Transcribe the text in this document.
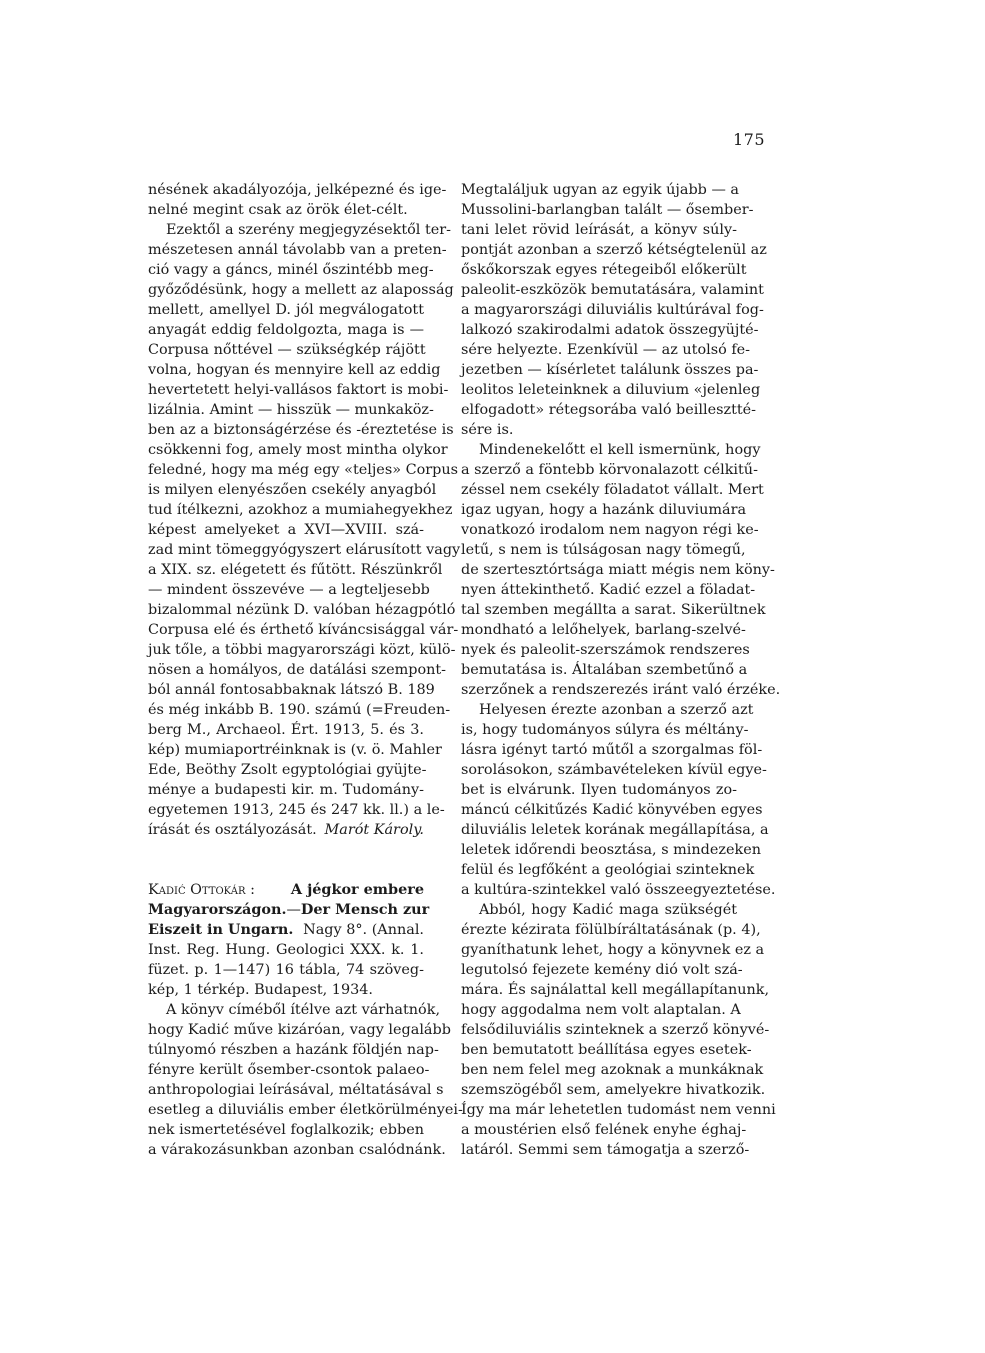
175
nésének akadályozója, jelképezné és ige-
nelné megint csak az örök élet-célt.
Ezektől a szerény megjegyzésektől ter-
mészetesen annál távolabb van a preten-
ció vagy a gáncs, minél őszintébb meg-
győződésünk, hogy a mellett az alaposság
mellett, amellyel D. jól megválogatott
anyagát eddig feldolgozta, maga is —
Corpusa nőttével — szükségkép rájött
volna, hogyan és mennyire kell az eddig
hevertetett helyi-vallásos faktort is mobi-
lizálnia. Amint — hisszük — munkaköz-
ben az a biztonságérzése és -éreztetése is
csökkenni fog, amely most mintha olykor
feledné, hogy ma még egy «teljes» Corpus
is milyen elenyészően csekély anyagból
tud ítélkezni, azokhoz a mumiahegyekhez
képest amelyeket a XVI—XVIII. szá-
zad mint tömeggyógyszert elárusított vagy
a XIX. sz. elégetett és fűtött. Részünkről
— mindent összevéve — a legteljesebb
bizalommal nézünk D. valóban hézagpótló
Corpusa elé és érthető kíváncsisággal vár-
juk tőle, a többi magyarországi közt, külö-
nösen a homályos, de datálási szempont-
ból annál fontosabbaknak látszó B. 189
és még inkább B. 190. számú (=Freuden-
berg M., Archaeol. Ért. 1913, 5. és 3.
kép) mumiaportréinknak is (v. ö. Mahler
Ede, Beöthy Zsolt egyptológiai gyüjte-
ménye a budapesti kir. m. Tudomány-
egyetemen 1913, 245 és 247 kk. ll.) a le-
írását és osztályozását. Marót Károly.
Kadić Ottokár : A jégkor embere
Magyarországon. — Der Mensch zur
Eiszeit in Ungarn. Nagy 8°. (Annal.
Inst. Reg. Hung. Geologici XXX. k. 1.
füzet. p. 1—147) 16 tábla, 74 szöveg-
kép, 1 térkép. Budapest, 1934.
A könyv címéből ítélve azt várhatnók,
hogy Kadić műve kizáróan, vagy legalább
túlnyomó részben a hazánk földjén nap-
fényre került ősember-csontok palaeo-
anthropologiai leírásával, méltatásával s
esetleg a diluviális ember életkörülményei-
nek ismertetésével foglalkozik; ebben
a várakozásunkban azonban csalódnánk.
Megtaláljuk ugyan az egyik újabb — a
Mussolini-barlangban talált — ősember-
tani lelet rövid leírását, a könyv súly-
pontját azonban a szerző kétségtelenül az
őskőkorszak egyes rétegeiből előkerült
paleolit-eszközök bemutatására, valamint
a magyarországi diluviális kultúrával fog-
lalkozó szakirodalmi adatok összegyüjté-
sére helyezte. Ezenkívül — az utolsó fe-
jezetben — kísérletet találunk összes pa-
leolitos leleteinknek a diluvium «jelenleg
elfogadott» rétegsorába való beillesztté-
sére is.
Mindenekelőtt el kell ismernünk, hogy
a szerző a föntebb körvonalazott célkitű-
zéssel nem csekély föladatot vállalt. Mert
igaz ugyan, hogy a hazánk diluviumára
vonatkozó irodalom nem nagyon régi ke-
letű, s nem is túlságosan nagy tömegű,
de szertesztórtsága miatt mégis nem köny-
nyen áttekinthető. Kadić ezzel a föladat-
tal szemben megállta a sarat. Sikerültnek
mondható a lelőhelyek, barlang-szelvé-
nyek és paleolit-szerszámok rendszeres
bemutatása is. Általában szembetűnő a
szerzőnek a rendszerezés iránt való érzéke.
Helyesen érezte azonban a szerző azt
is, hogy tudományos súlyra és méltány-
lásra igényt tartó műtől a szorgalmas föl-
sorolásokon, számbavételeken kívül egye-
bet is elvárunk. Ilyen tudományos zo-
máncú célkitűzés Kadić könyvében egyes
diluviális leletek korának megállapítása, a
leletek időrendi beosztása, s mindezeken
felül és legfőként a geológiai szinteknek
a kultúra-szintekkel való összeegyeztetése.
Abból, hogy Kadić maga szükségét
érezte kézirata fölülbíráltatásának (p. 4),
gyaníthatunk lehet, hogy a könyvnek ez a
legutolsó fejezete kemény dió volt szá-
mára. És sajnálattal kell megállapítanunk,
hogy aggodalma nem volt alaptalan. A
felsődiluviális szinteknek a szerző könyvé-
ben bemutatott beállítása egyes esetek-
ben nem felel meg azoknak a munkáknak
szemszögéből sem, amelyekre hivatkozik.
Így ma már lehetetlen tudomást nem venni
a moustérien első felének enyhe éghaj-
latáról. Semmi sem támogatja a szerző-
